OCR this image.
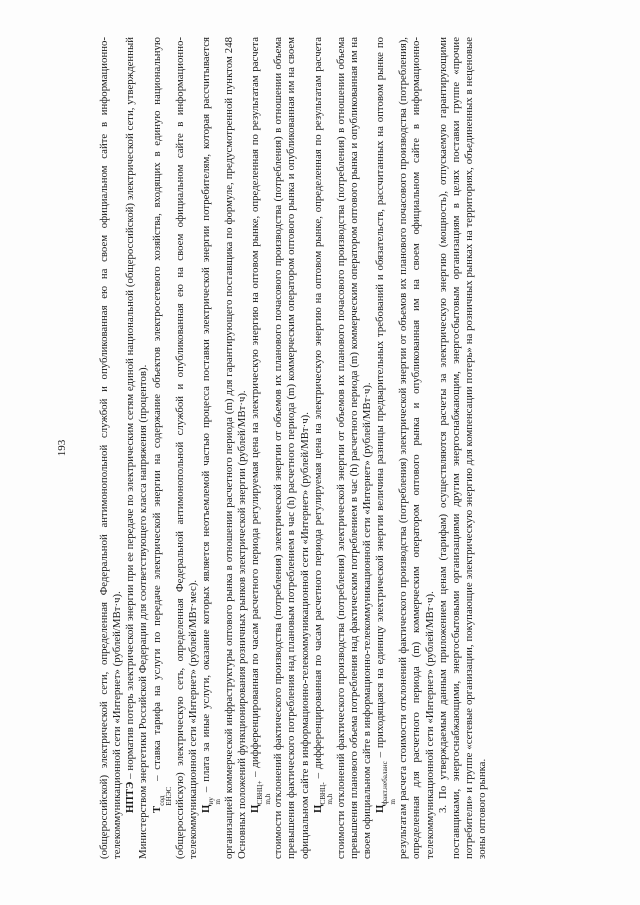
193	(общероссийской) электрической сети, определенная Федеральной антимонопольной службой и опубликованная ею на своем официальном сайте в информационно-телекоммуникационной сети «Интернет» (рублей/МВт·ч). НПТЭ – норматив потерь электрической энергии при ее передаче по электрическим сетям единой национальной (общероссийской) электрической сети, утвержденный Министерством энергетики Российской Федерации для соответствующего класса напряжения (процентов). Т
сод ЕНЭС
– ставка тарифа на услуги по передаче электрической энергии на содержание объектов электросетевого хозяйства, входящих в единую национальную (общероссийскую) электрическую сеть, определенная Федеральной антимонопольной службой и опубликованная ею на своем официальном сайте в информационно-телекоммуникационной сети «Интернет» (рублей/МВт·мес). Ц
иу m
– плата за иные услуги, оказание которых является неотъемлемой частью процесса поставки электрической энергии потребителям, которая рассчитывается организацией коммерческой инфраструктуры оптового рынка в отношении расчетного периода (m) для гарантирующего поставщика по формуле, предусмотренной пунктом 248 Основных положений функционирования розничных рынков электрической энергии (рублей/МВт·ч). Ц
СВНЦ+ m,h
– дифференцированная по часам расчетного периода регулируемая цена на электрическую энергию на оптовом рынке, определенная по результатам расчета стоимости отклонений фактического производства (потребления) электрической энергии от объемов их планового почасового производства (потребления) в отношении объема превышения фактического потребления над плановым потреблением в час (h) расчетного периода (m) коммерческим оператором оптового рынка и опубликованная им на своем официальном сайте в информационно-телекоммуникационной сети «Интернет» (рублей/МВт·ч). Ц
СВНЦ- m,h
– дифференцированная по часам расчетного периода регулируемая цена на электрическую энергию на оптовом рынке, определенная по результатам расчета стоимости отклонений фактического производства (потребления) электрической энергии от объемов их планового почасового производства (потребления) в отношении объема превышения планового объема потребления над фактическим потреблением в час (h) расчетного периода (m) коммерческим оператором оптового рынка и опубликованная им на своем официальном сайте в информационно-телекоммуникационной сети «Интернет» (рублей/МВт·ч). Ц
факт.небаланс m
– приходящаяся на единицу электрической энергии величина разницы предварительных требований и обязательств, рассчитанных на оптовом рынке по результатам расчета стоимости отклонений фактического производства (потребления) электрической энергии от объемов их планового почасового производства (потребления), определенная для расчетного периода (m) коммерческим оператором оптового рынка и опубликованная им на своем официальном сайте в информационно-телекоммуникационной сети «Интернет» (рублей/МВт·ч). 3. По утверждаемым данным приложением ценам (тарифам) осуществляются расчеты за электрическую энергию (мощность), отпускаемую гарантирующими поставщиками, энергоснабжающими, энергосбытовыми организациями другим энергоснабжающим, энергосбытовым организациям в целях поставки группе «прочие потребители» и группе «сетевые организации, покупающие электрическую энергию для компенсации потерь» на розничных рынках на территориях, объединенных в неценовые зоны оптового рынка.
